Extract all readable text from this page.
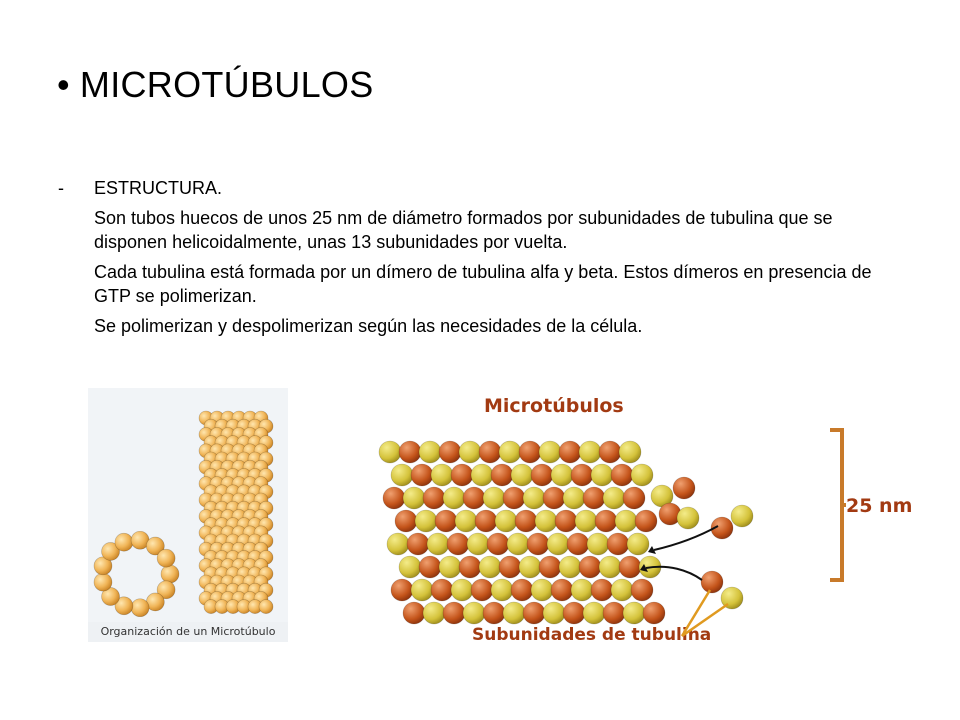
• MICROTÚBULOS
-	ESTRUCTURA.

Son tubos huecos de unos 25 nm de diámetro formados por subunidades de tubulina que se disponen helicoidalmente, unas 13 subunidades por vuelta.

Cada tubulina está formada por un dímero de tubulina alfa y beta. Estos dímeros en presencia de GTP se polimerizan.

Se polimerizan y despolimerizan según las necesidades de la célula.

Organización de un Microtúbulo
Microtúbulos
Subunidades de tubulina
25 nm
